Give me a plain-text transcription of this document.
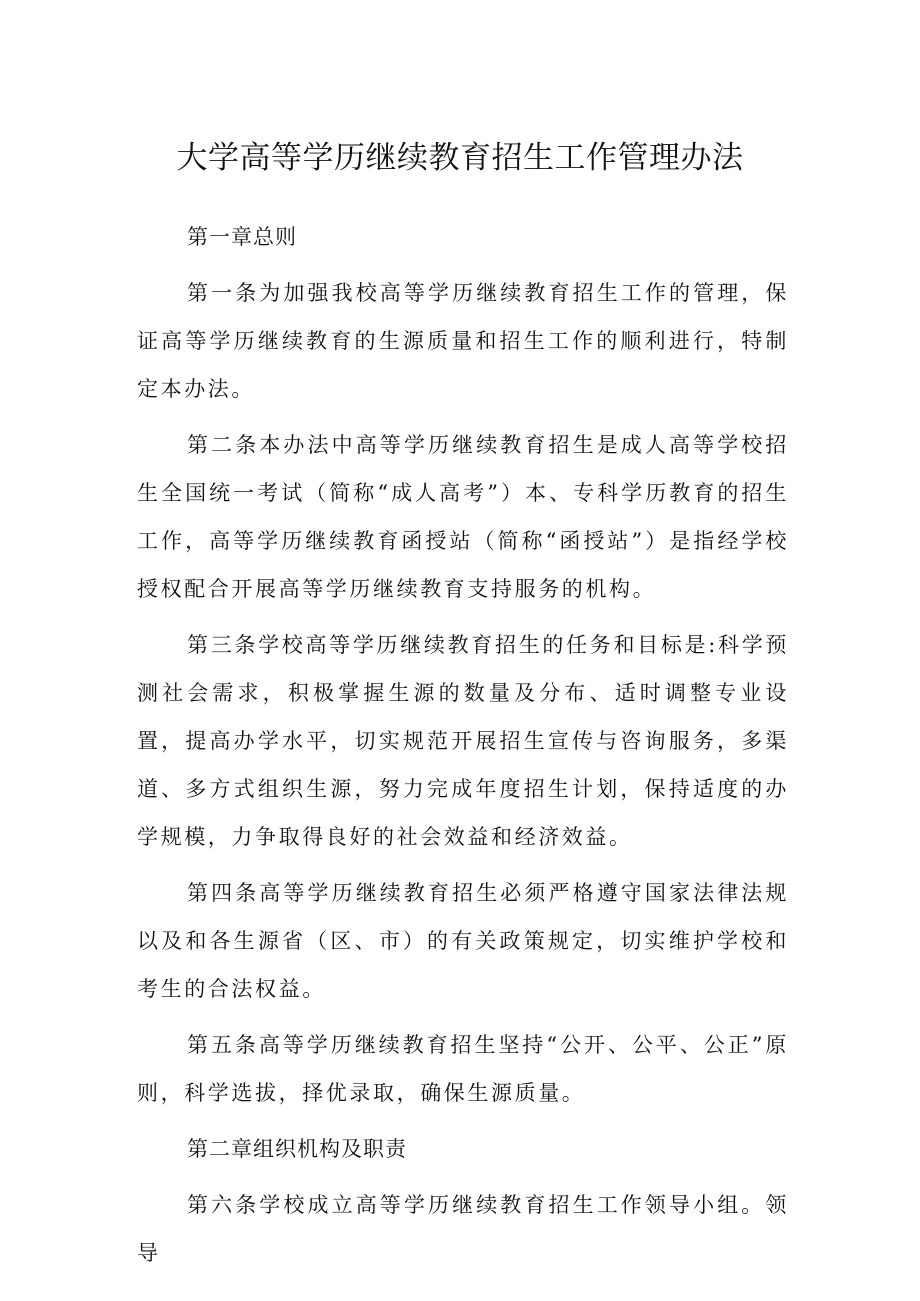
大学高等学历继续教育招生工作管理办法

第一章总则

第一条为加强我校高等学历继续教育招生工作的管理，保证高等学历继续教育的生源质量和招生工作的顺利进行，特制定本办法。

第二条本办法中高等学历继续教育招生是成人高等学校招生全国统一考试（简称“成人高考”）本、专科学历教育的招生工作，高等学历继续教育函授站（简称“函授站”）是指经学校授权配合开展高等学历继续教育支持服务的机构。

第三条学校高等学历继续教育招生的任务和目标是:科学预测社会需求，积极掌握生源的数量及分布、适时调整专业设置，提高办学水平，切实规范开展招生宣传与咨询服务，多渠道、多方式组织生源，努力完成年度招生计划，保持适度的办学规模，力争取得良好的社会效益和经济效益。

第四条高等学历继续教育招生必须严格遵守国家法律法规以及和各生源省（区、市）的有关政策规定，切实维护学校和考生的合法权益。

第五条高等学历继续教育招生坚持“公开、公平、公正”原则，科学选拔，择优录取，确保生源质量。

第二章组织机构及职责

第六条学校成立高等学历继续教育招生工作领导小组。领导
